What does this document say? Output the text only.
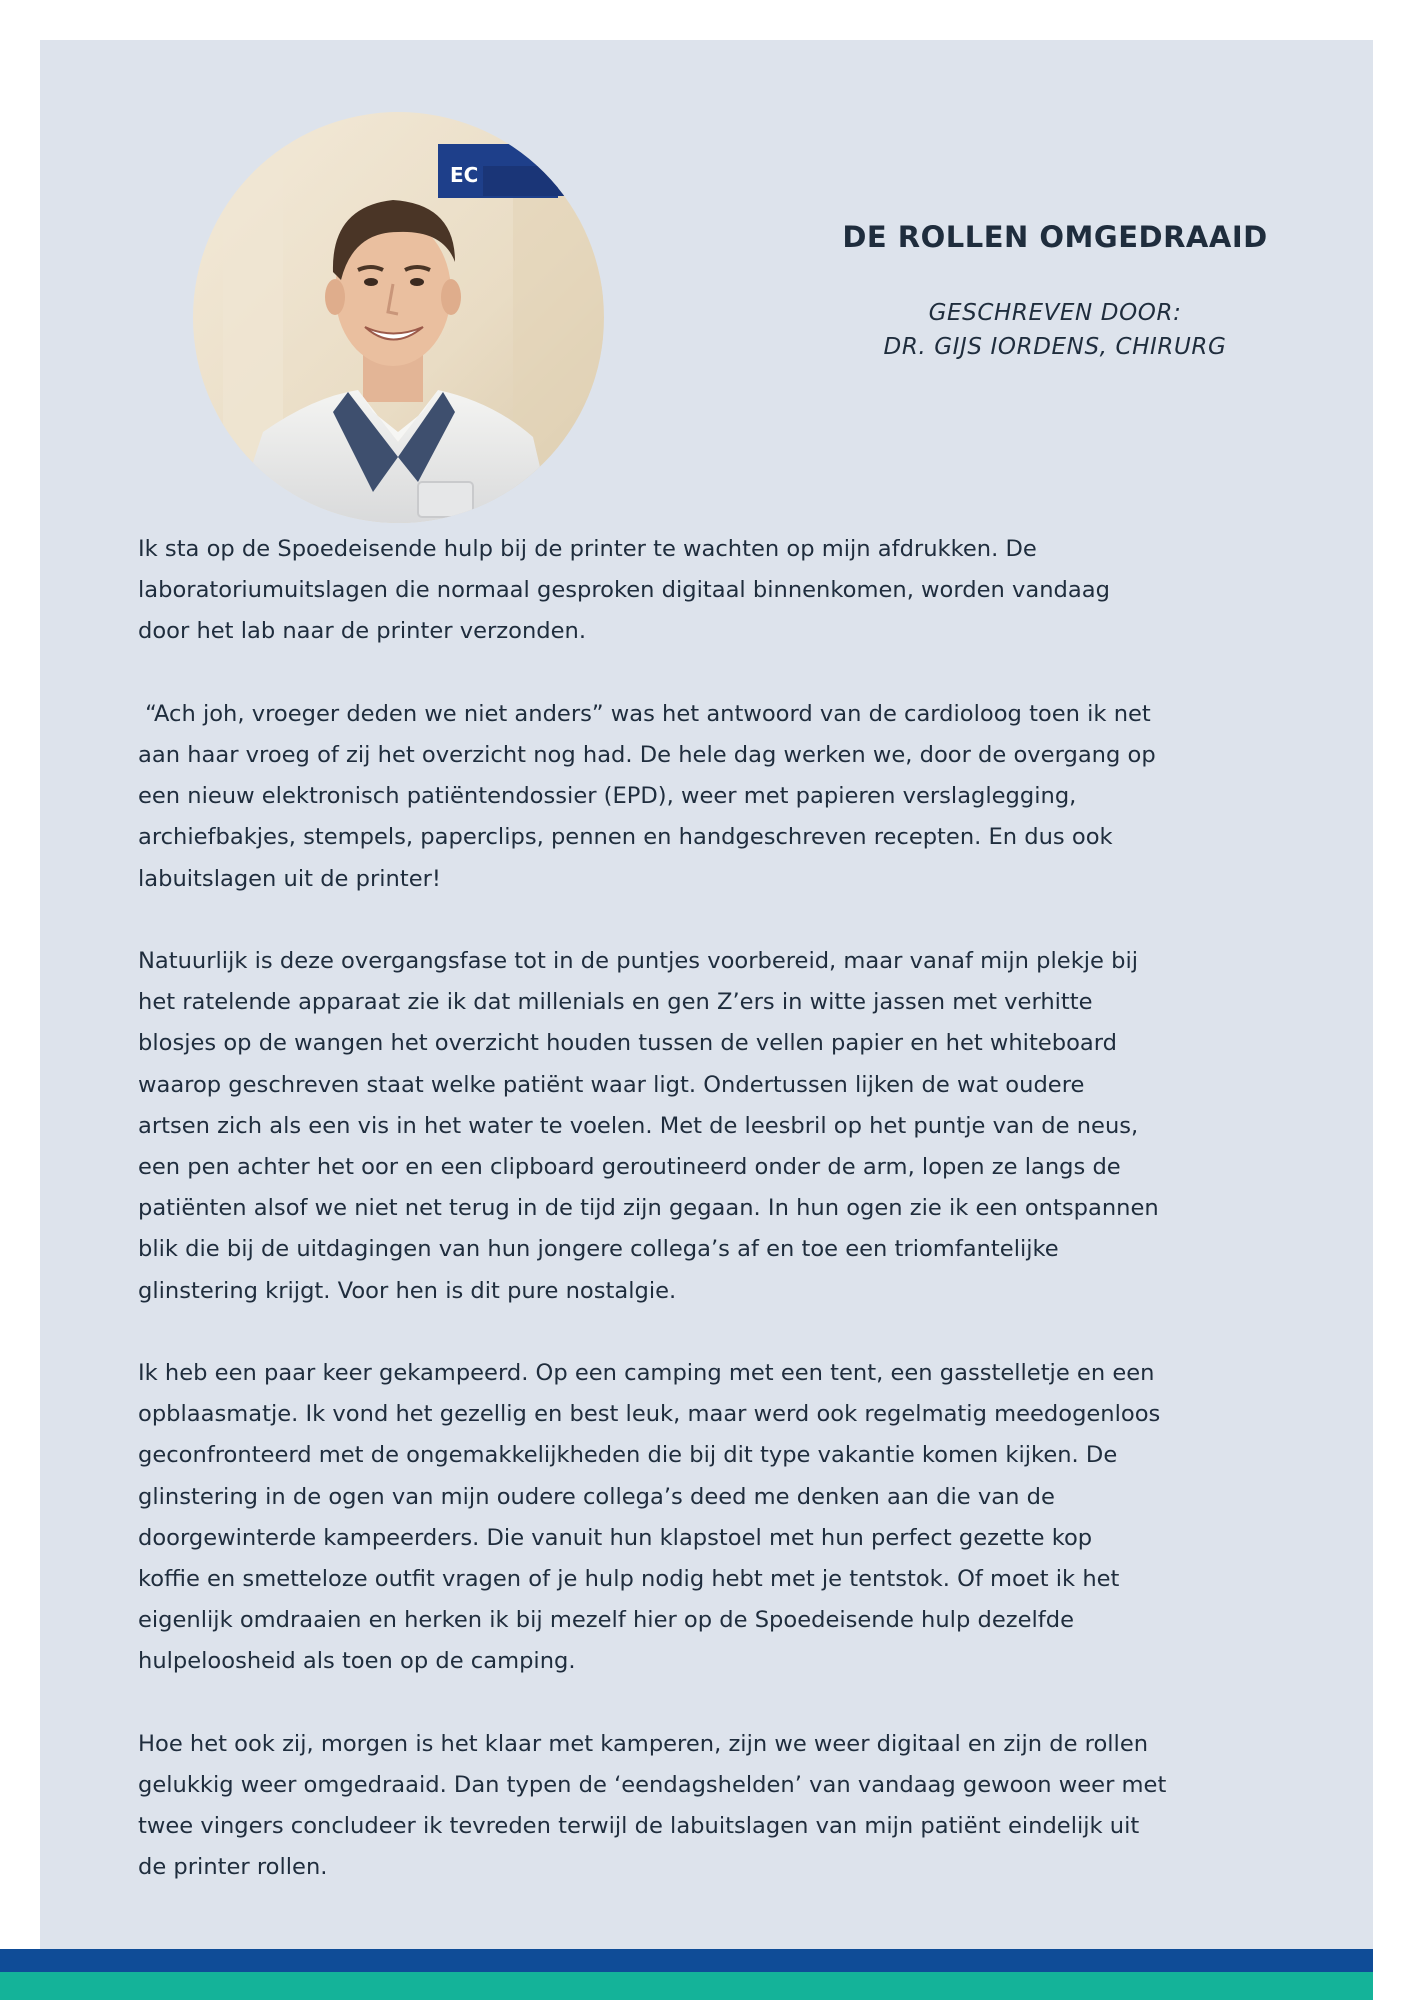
EC
DE ROLLEN OMGEDRAAID
GESCHREVEN DOOR:
DR. GIJS IORDENS, CHIRURG

Ik sta op de Spoedeisende hulp bij de printer te wachten op mijn afdrukken. De
laboratoriumuitslagen die normaal gesproken digitaal binnenkomen, worden vandaag
door het lab naar de printer verzonden.

“Ach joh, vroeger deden we niet anders” was het antwoord van de cardioloog toen ik net
aan haar vroeg of zij het overzicht nog had. De hele dag werken we, door de overgang op
een nieuw elektronisch patiëntendossier (EPD), weer met papieren verslaglegging,
archiefbakjes, stempels, paperclips, pennen en handgeschreven recepten. En dus ook
labuitslagen uit de printer!

Natuurlijk is deze overgangsfase tot in de puntjes voorbereid, maar vanaf mijn plekje bij
het ratelende apparaat zie ik dat millenials en gen Z’ers in witte jassen met verhitte
blosjes op de wangen het overzicht houden tussen de vellen papier en het whiteboard
waarop geschreven staat welke patiënt waar ligt. Ondertussen lijken de wat oudere
artsen zich als een vis in het water te voelen. Met de leesbril op het puntje van de neus,
een pen achter het oor en een clipboard geroutineerd onder de arm, lopen ze langs de
patiënten alsof we niet net terug in de tijd zijn gegaan. In hun ogen zie ik een ontspannen
blik die bij de uitdagingen van hun jongere collega’s af en toe een triomfantelijke
glinstering krijgt. Voor hen is dit pure nostalgie.

Ik heb een paar keer gekampeerd. Op een camping met een tent, een gasstelletje en een
opblaasmatje. Ik vond het gezellig en best leuk, maar werd ook regelmatig meedogenloos
geconfronteerd met de ongemakkelijkheden die bij dit type vakantie komen kijken. De
glinstering in de ogen van mijn oudere collega’s deed me denken aan die van de
doorgewinterde kampeerders. Die vanuit hun klapstoel met hun perfect gezette kop
koffie en smetteloze outfit vragen of je hulp nodig hebt met je tentstok. Of moet ik het
eigenlijk omdraaien en herken ik bij mezelf hier op de Spoedeisende hulp dezelfde
hulpeloosheid als toen op de camping.

Hoe het ook zij, morgen is het klaar met kamperen, zijn we weer digitaal en zijn de rollen
gelukkig weer omgedraaid. Dan typen de ‘eendagshelden’ van vandaag gewoon weer met
twee vingers concludeer ik tevreden terwijl de labuitslagen van mijn patiënt eindelijk uit
de printer rollen.
